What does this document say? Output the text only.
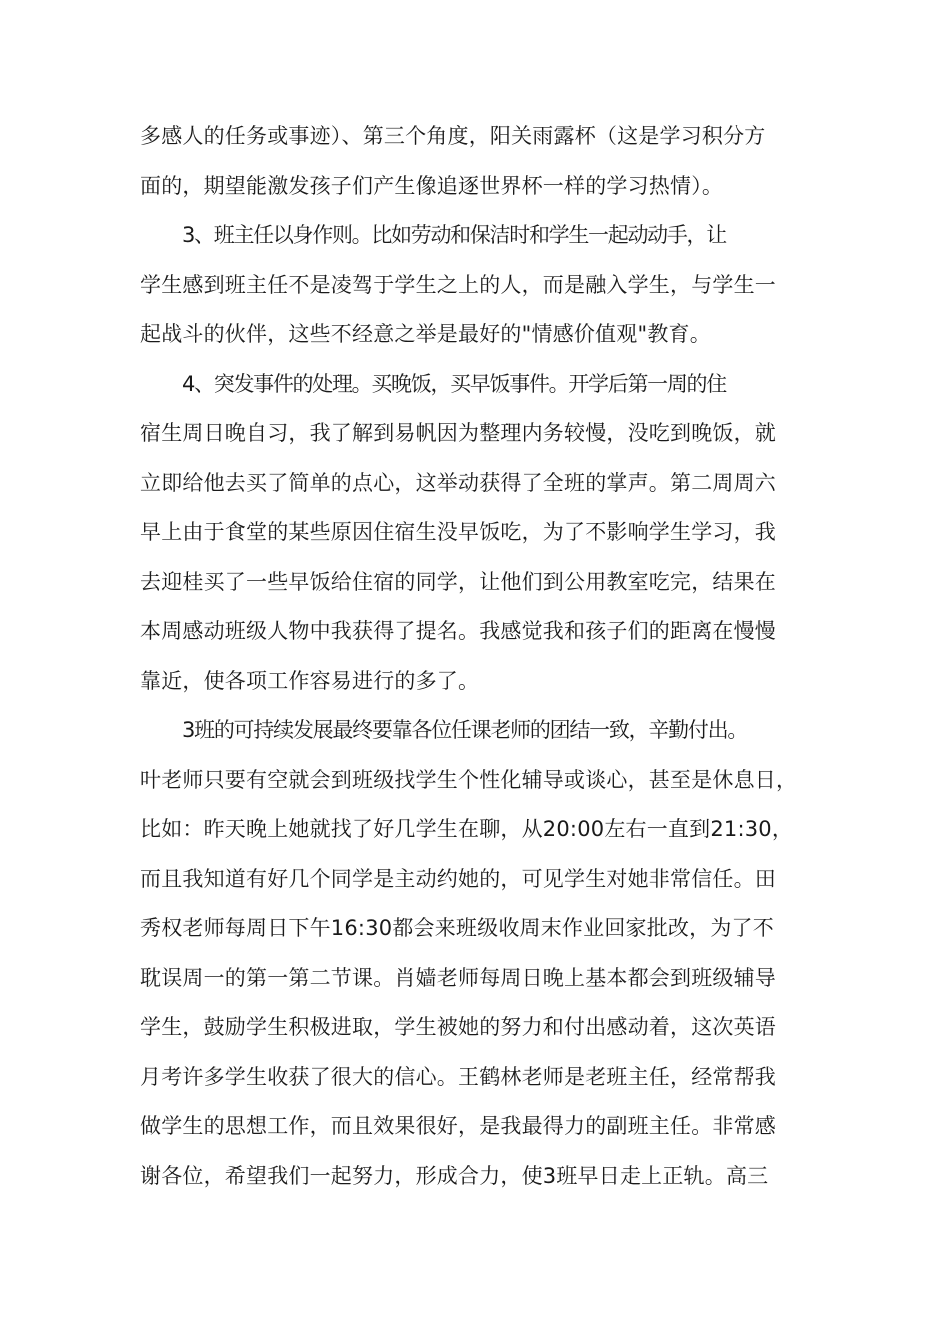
多感人的任务或事迹）、第三个角度，阳关雨露杯（这是学习积分方
面的，期望能激发孩子们产生像追逐世界杯一样的学习热情）。
3、班主任以身作则。比如劳动和保洁时和学生一起动动手，让
学生感到班主任不是凌驾于学生之上的人，而是融入学生，与学生一
起战斗的伙伴，这些不经意之举是最好的"情感价值观"教育。
4、突发事件的处理。买晚饭，买早饭事件。开学后第一周的住
宿生周日晚自习，我了解到易帆因为整理内务较慢，没吃到晚饭，就
立即给他去买了简单的点心，这举动获得了全班的掌声。第二周周六
早上由于食堂的某些原因住宿生没早饭吃，为了不影响学生学习，我
去迎桂买了一些早饭给住宿的同学，让他们到公用教室吃完，结果在
本周感动班级人物中我获得了提名。我感觉我和孩子们的距离在慢慢
靠近，使各项工作容易进行的多了。
3班的可持续发展最终要靠各位任课老师的团结一致，辛勤付出。
叶老师只要有空就会到班级找学生个性化辅导或谈心，甚至是休息日，
比如：昨天晚上她就找了好几学生在聊，从20:00左右一直到21:30，
而且我知道有好几个同学是主动约她的，可见学生对她非常信任。田
秀权老师每周日下午16:30都会来班级收周末作业回家批改，为了不
耽误周一的第一第二节课。肖嫱老师每周日晚上基本都会到班级辅导
学生，鼓励学生积极进取，学生被她的努力和付出感动着，这次英语
月考许多学生收获了很大的信心。王鹤林老师是老班主任，经常帮我
做学生的思想工作，而且效果很好，是我最得力的副班主任。非常感
谢各位，希望我们一起努力，形成合力，使3班早日走上正轨。高三
